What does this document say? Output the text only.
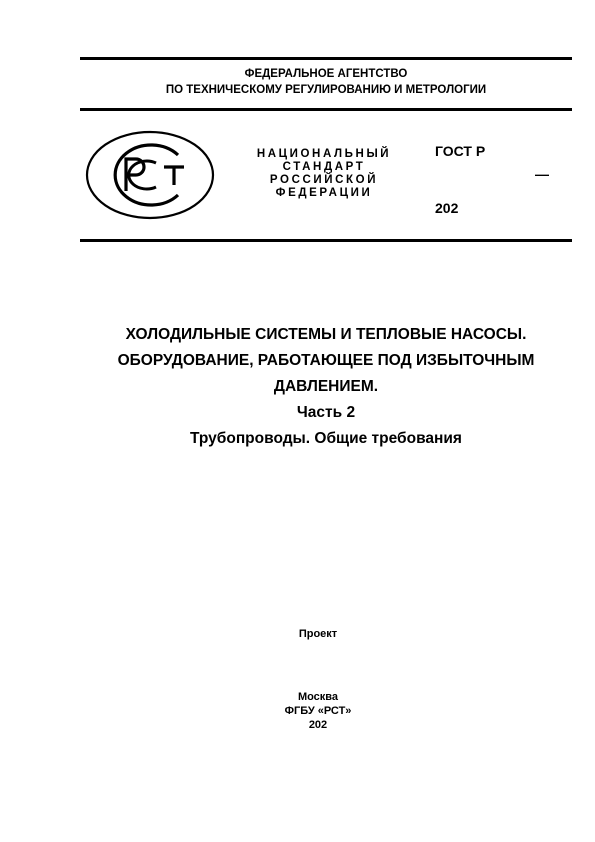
ФЕДЕРАЛЬНОЕ АГЕНТСТВО
ПО ТЕХНИЧЕСКОМУ РЕГУЛИРОВАНИЮ И МЕТРОЛОГИИ
НАЦИОНАЛЬНЫЙ
СТАНДАРТ
РОССИЙСКОЙ
ФЕДЕРАЦИИ
ГОСТ Р
—
202
ХОЛОДИЛЬНЫЕ СИСТЕМЫ И ТЕПЛОВЫЕ НАСОСЫ.
ОБОРУДОВАНИЕ, РАБОТАЮЩЕЕ ПОД ИЗБЫТОЧНЫМ
ДАВЛЕНИЕМ.
Часть 2
Трубопроводы. Общие требования
Проект
Москва
ФГБУ «РСТ»
202
